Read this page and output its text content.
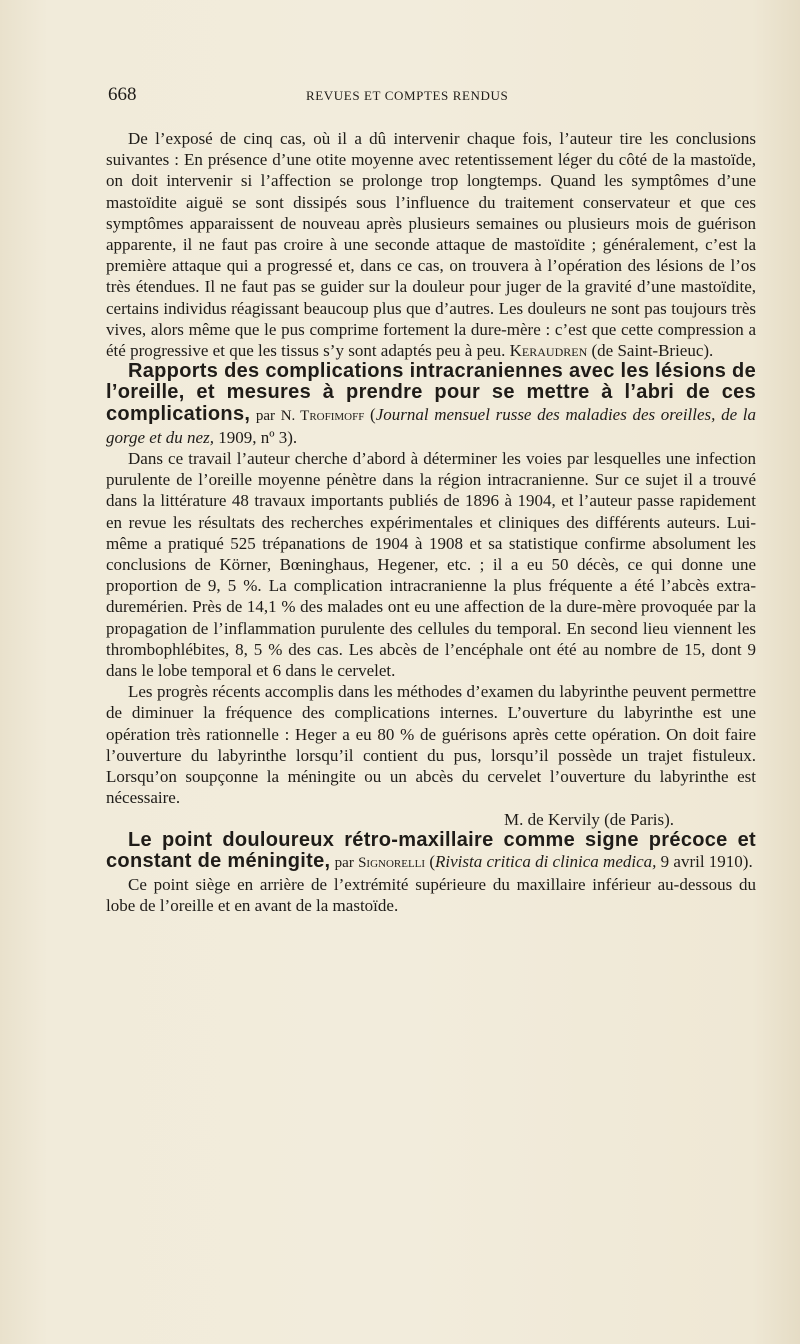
668	REVUES ET COMPTES RENDUS

De l’exposé de cinq cas, où il a dû intervenir chaque fois, l’auteur tire les conclusions suivantes : En présence d’une otite moyenne avec retentissement léger du côté de la mastoïde, on doit intervenir si l’affection se prolonge trop longtemps. Quand les symptômes d’une mastoïdite aiguë se sont dissipés sous l’influence du traitement conservateur et que ces symptômes apparaissent de nouveau après plusieurs semaines ou plusieurs mois de guérison apparente, il ne faut pas croire à une seconde attaque de mastoïdite ; généralement, c’est la première attaque qui a progressé et, dans ce cas, on trouvera à l’opération des lésions de l’os très étendues. Il ne faut pas se guider sur la douleur pour juger de la gravité d’une mastoïdite, certains individus réagissant beaucoup plus que d’autres. Les douleurs ne sont pas toujours très vives, alors même que le pus comprime fortement la dure-mère : c’est que cette compression a été progressive et que les tissus s’y sont adaptés peu à peu. Keraudren (de Saint-Brieuc).

Rapports des complications intracraniennes avec les lésions de l’oreille, et mesures à prendre pour se mettre à l’abri de ces complications, par N. Trofimoff (Journal mensuel russe des maladies des oreilles, de la gorge et du nez, 1909, nº 3).

Dans ce travail l’auteur cherche d’abord à déterminer les voies par lesquelles une infection purulente de l’oreille moyenne pénètre dans la région intracranienne. Sur ce sujet il a trouvé dans la littérature 48 travaux importants publiés de 1896 à 1904, et l’auteur passe rapidement en revue les résultats des recherches expérimentales et cliniques des différents auteurs. Lui-même a pratiqué 525 trépanations de 1904 à 1908 et sa statistique confirme absolument les conclusions de Körner, Bœninghaus, Hegener, etc. ; il a eu 50 décès, ce qui donne une proportion de 9, 5 %. La complication intracranienne la plus fréquente a été l’abcès extra-duremérien. Près de 14,1 % des malades ont eu une affection de la dure-mère provoquée par la propagation de l’inflammation purulente des cellules du temporal. En second lieu viennent les thrombophlébites, 8, 5 % des cas. Les abcès de l’encéphale ont été au nombre de 15, dont 9 dans le lobe temporal et 6 dans le cervelet.

Les progrès récents accomplis dans les méthodes d’examen du labyrinthe peuvent permettre de diminuer la fréquence des complications internes. L’ouverture du labyrinthe est une opération très rationnelle : Heger a eu 80 % de guérisons après cette opération. On doit faire l’ouverture du labyrinthe lorsqu’il contient du pus, lorsqu’il possède un trajet fistuleux. Lorsqu’on soupçonne la méningite ou un abcès du cervelet l’ouverture du labyrinthe est nécessaire.

M. de Kervily (de Paris).

Le point douloureux rétro-maxillaire comme signe précoce et constant de méningite, par Signorelli (Rivista critica di clinica medica, 9 avril 1910).

Ce point siège en arrière de l’extrémité supérieure du maxillaire inférieur au-dessous du lobe de l’oreille et en avant de la mastoïde.
